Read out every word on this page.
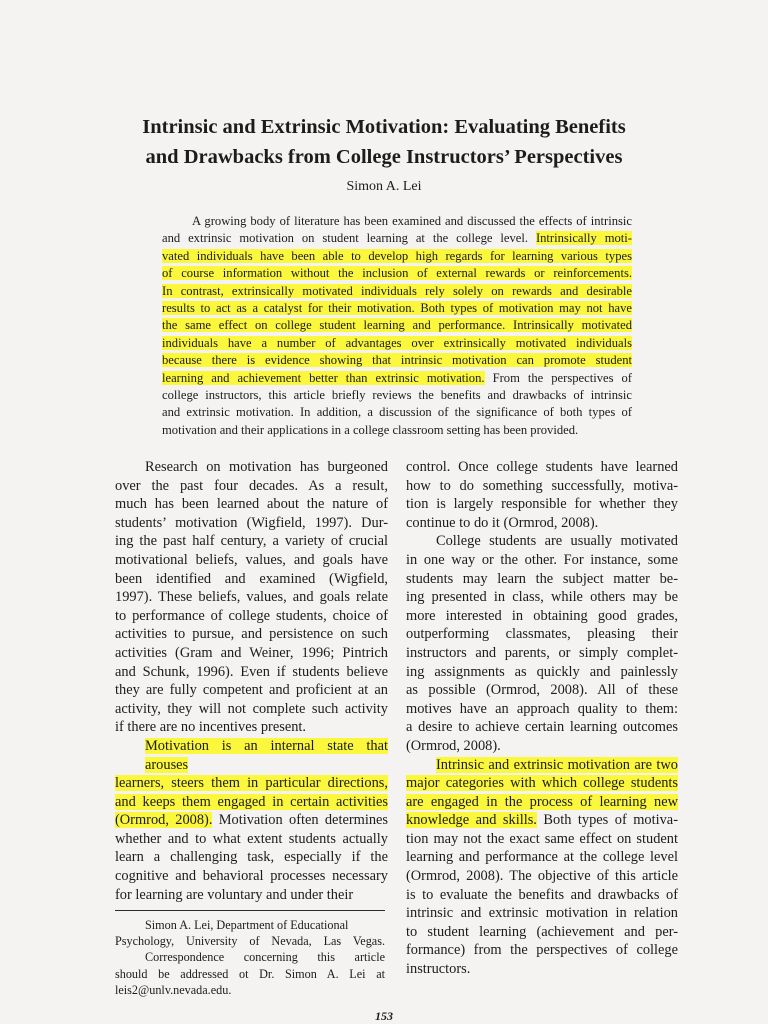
Intrinsic and Extrinsic Motivation: Evaluating Benefits
and Drawbacks from College Instructors’ Perspectives
Simon A. Lei
A growing body of literature has been examined and discussed the effects of intrinsic
and extrinsic motivation on student learning at the college level. Intrinsically moti-
vated individuals have been able to develop high regards for learning various types
of course information without the inclusion of external rewards or reinforcements.
In contrast, extrinsically motivated individuals rely solely on rewards and desirable
results to act as a catalyst for their motivation. Both types of motivation may not have
the same effect on college student learning and performance. Intrinsically motivated
individuals have a number of advantages over extrinsically motivated individuals
because there is evidence showing that intrinsic motivation can promote student
learning and achievement better than extrinsic motivation. From the perspectives of
college instructors, this article briefly reviews the benefits and drawbacks of intrinsic
and extrinsic motivation. In addition, a discussion of the significance of both types of
motivation and their applications in a college classroom setting has been provided.
Research on motivation has burgeoned
over the past four decades. As a result,
much has been learned about the nature of
students’ motivation (Wigfield, 1997). Dur-
ing the past half century, a variety of crucial
motivational beliefs, values, and goals have
been identified and examined (Wigfield,
1997). These beliefs, values, and goals relate
to performance of college students, choice of
activities to pursue, and persistence on such
activities (Gram and Weiner, 1996; Pintrich
and Schunk, 1996). Even if students believe
they are fully competent and proficient at an
activity, they will not complete such activity
if there are no incentives present.
Motivation is an internal state that arouses
learners, steers them in particular directions,
and keeps them engaged in certain activities
(Ormrod, 2008). Motivation often determines
whether and to what extent students actually
learn a challenging task, especially if the
cognitive and behavioral processes necessary
for learning are voluntary and under their
control. Once college students have learned
how to do something successfully, motiva-
tion is largely responsible for whether they
continue to do it (Ormrod, 2008).
College students are usually motivated
in one way or the other. For instance, some
students may learn the subject matter be-
ing presented in class, while others may be
more interested in obtaining good grades,
outperforming classmates, pleasing their
instructors and parents, or simply complet-
ing assignments as quickly and painlessly
as possible (Ormrod, 2008). All of these
motives have an approach quality to them:
a desire to achieve certain learning outcomes
(Ormrod, 2008).
Intrinsic and extrinsic motivation are two
major categories with which college students
are engaged in the process of learning new
knowledge and skills. Both types of motiva-
tion may not the exact same effect on student
learning and performance at the college level
(Ormrod, 2008). The objective of this article
is to evaluate the benefits and drawbacks of
intrinsic and extrinsic motivation in relation
to student learning (achievement and per-
formance) from the perspectives of college
instructors.
Simon A. Lei, Department of Educational
Psychology, University of Nevada, Las Vegas.
Correspondence concerning this article
should be addressed ot Dr. Simon A. Lei at
leis2@unlv.nevada.edu.
153
